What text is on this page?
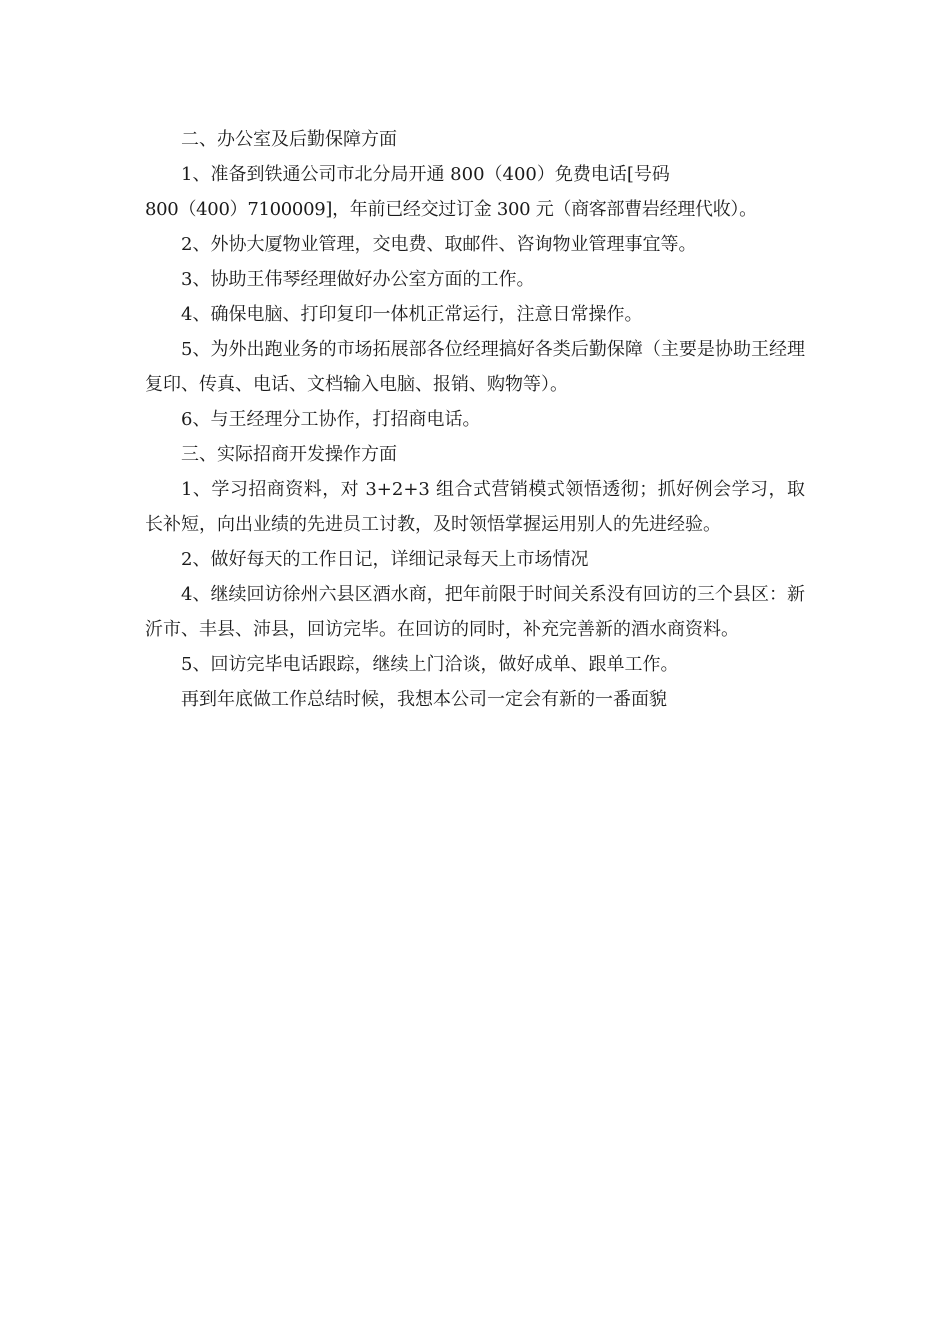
二、办公室及后勤保障方面

1、准备到铁通公司市北分局开通 800（400）免费电话[号码
800（400）7100009]，年前已经交过订金 300 元（商客部曹岩经理代收）。

2、外协大厦物业管理，交电费、取邮件、咨询物业管理事宜等。

3、协助王伟琴经理做好办公室方面的工作。

4、确保电脑、打印复印一体机正常运行，注意日常操作。

5、为外出跑业务的市场拓展部各位经理搞好各类后勤保障（主要是协助王经理复印、传真、电话、文档输入电脑、报销、购物等）。

6、与王经理分工协作，打招商电话。

三、实际招商开发操作方面

1、学习招商资料，对 3+2+3 组合式营销模式领悟透彻；抓好例会学习，取长补短，向出业绩的先进员工讨教，及时领悟掌握运用别人的先进经验。

2、做好每天的工作日记，详细记录每天上市场情况

4、继续回访徐州六县区酒水商，把年前限于时间关系没有回访的三个县区：新沂市、丰县、沛县，回访完毕。在回访的同时，补充完善新的酒水商资料。

5、回访完毕电话跟踪，继续上门洽谈，做好成单、跟单工作。

再到年底做工作总结时候，我想本公司一定会有新的一番面貌
